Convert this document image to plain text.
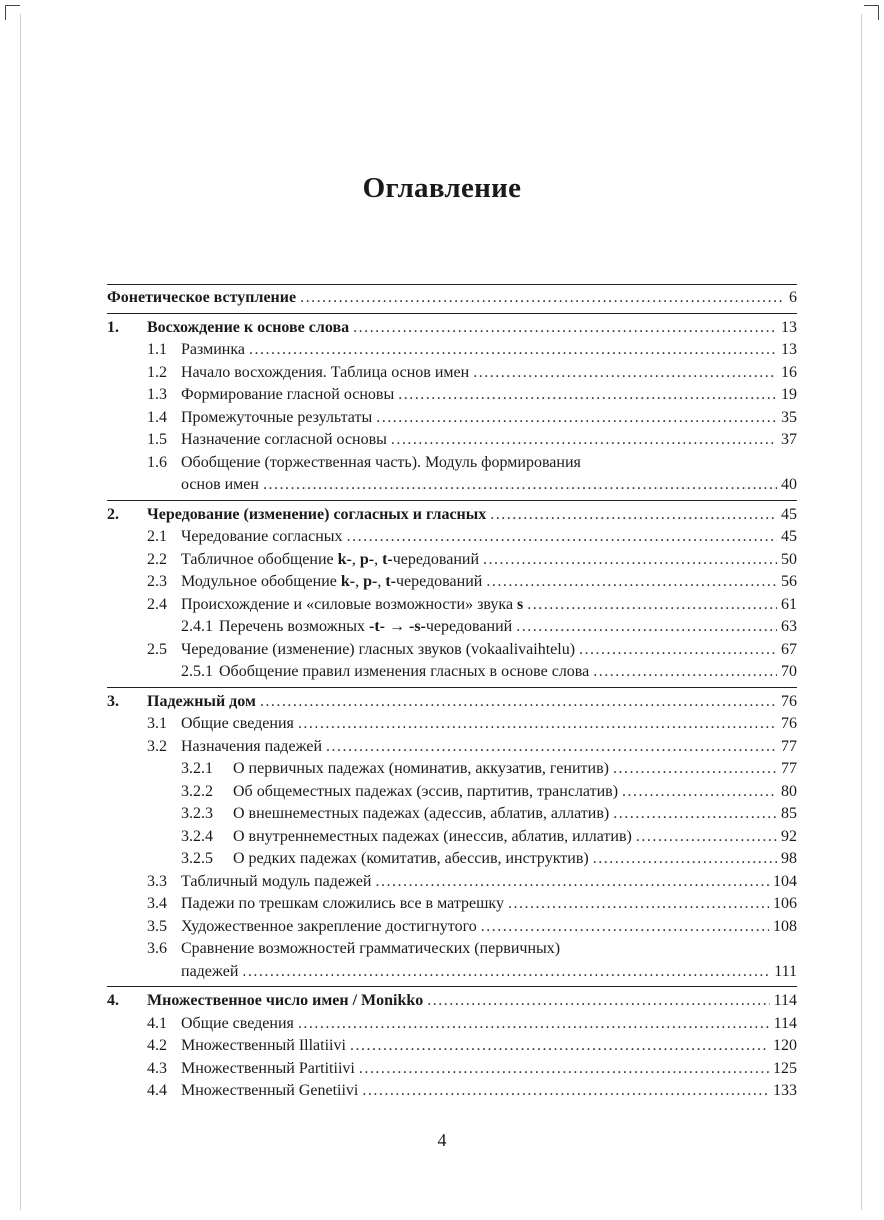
Оглавление
Фонетическое вступление .....	6
1.	Восхождение к основе слова .....	13
1.1 Разминка .....	13
1.2 Начало восхождения. Таблица основ имен .....	16
1.3 Формирование гласной основы .....	19
1.4 Промежуточные результаты .....	35
1.5 Назначение согласной основы .....	37
1.6 Обобщение (торжественная часть). Модуль формирования
основ имен .....	40
2.	Чередование (изменение) согласных и гласных .....	45
2.1 Чередование согласных .....	45
2.2 Табличное обобщение k-, p-, t-чередований .....	50
2.3 Модульное обобщение k-, p-, t-чередований .....	56
2.4 Происхождение и «силовые возможности» звука s .....	61
2.4.1 Перечень возможных -t- → -s-чередований .....	63
2.5 Чередование (изменение) гласных звуков (vokaalivaihtelu) .....	67
2.5.1 Обобщение правил изменения гласных в основе слова .....	70
3.	Падежный дом .....	76
3.1 Общие сведения .....	76
3.2 Назначения падежей .....	77
3.2.1	О первичных падежах (номинатив, аккузатив, генитив) .....	77
3.2.2	Об общеместных падежах (эссив, партитив, транслатив) .....	80
3.2.3	О внешнеместных падежах (адессив, аблатив, аллатив) .....	85
3.2.4	О внутреннеместных падежах (инессив, аблатив, иллатив) .....	92
3.2.5	О редких падежах (комитатив, абессив, инструктив) .....	98
3.3 Табличный модуль падежей .....	104
3.4 Падежи по трешкам сложились все в матрешку .....	106
3.5 Художественное закрепление достигнутого .....	108
3.6 Сравнение возможностей грамматических (первичных)
падежей .....	111
4.	Множественное число имен / Monikko .....	114
4.1 Общие сведения .....	114
4.2 Множественный Illatiivi .....	120
4.3 Множественный Partitiivi .....	125
4.4 Множественный Genetiivi .....	133
4
